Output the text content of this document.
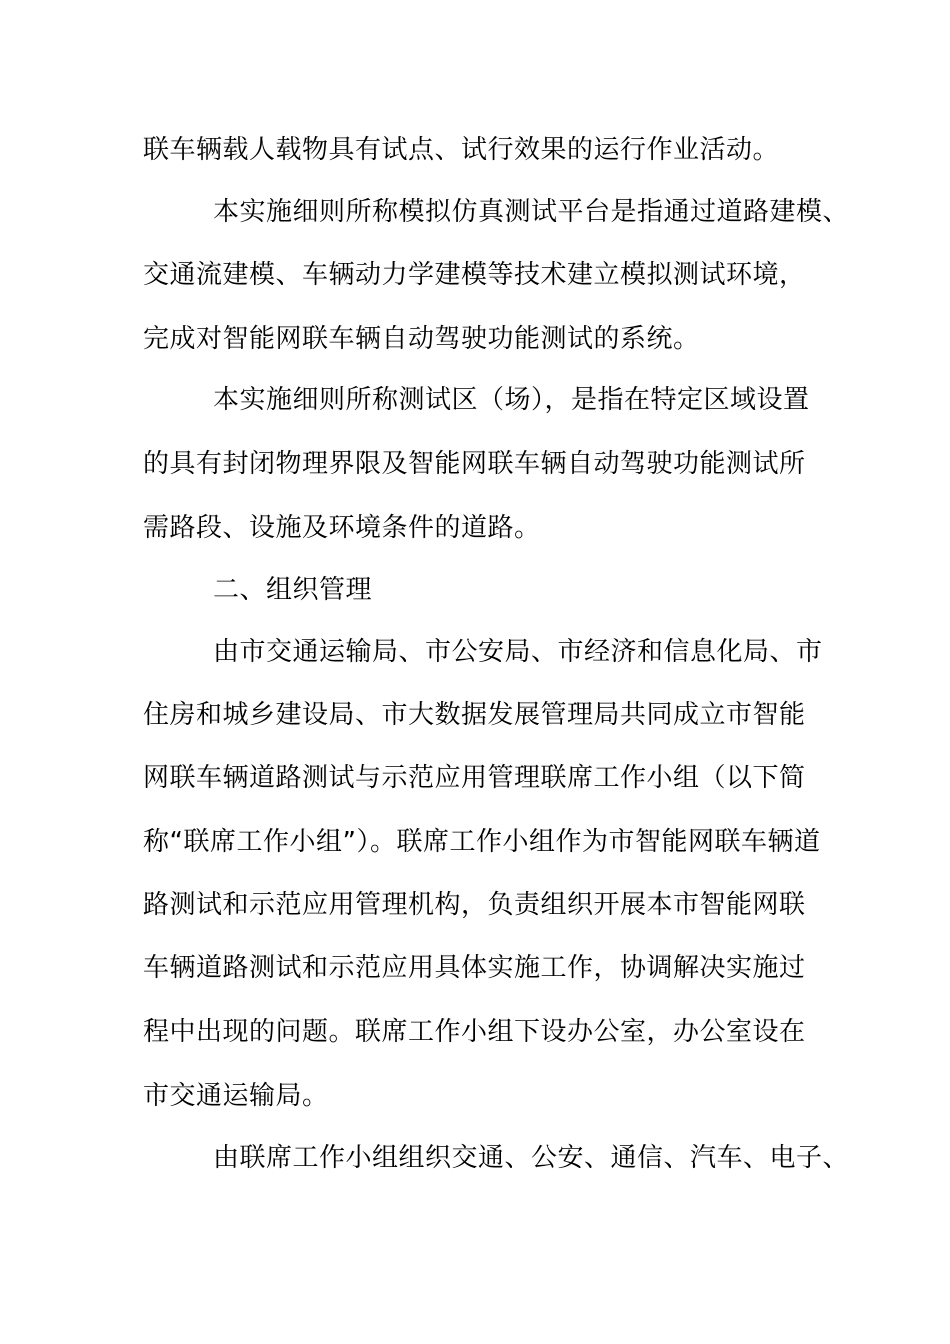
联车辆载人载物具有试点、试行效果的运行作业活动。
本实施细则所称模拟仿真测试平台是指通过道路建模、
交通流建模、车辆动力学建模等技术建立模拟测试环境，
完成对智能网联车辆自动驾驶功能测试的系统。
本实施细则所称测试区（场），是指在特定区域设置
的具有封闭物理界限及智能网联车辆自动驾驶功能测试所
需路段、设施及环境条件的道路。
二、组织管理
由市交通运输局、市公安局、市经济和信息化局、市
住房和城乡建设局、市大数据发展管理局共同成立市智能
网联车辆道路测试与示范应用管理联席工作小组（以下简
称“联席工作小组”）。联席工作小组作为市智能网联车辆道
路测试和示范应用管理机构，负责组织开展本市智能网联
车辆道路测试和示范应用具体实施工作，协调解决实施过
程中出现的问题。联席工作小组下设办公室，办公室设在
市交通运输局。
由联席工作小组组织交通、公安、通信、汽车、电子、
